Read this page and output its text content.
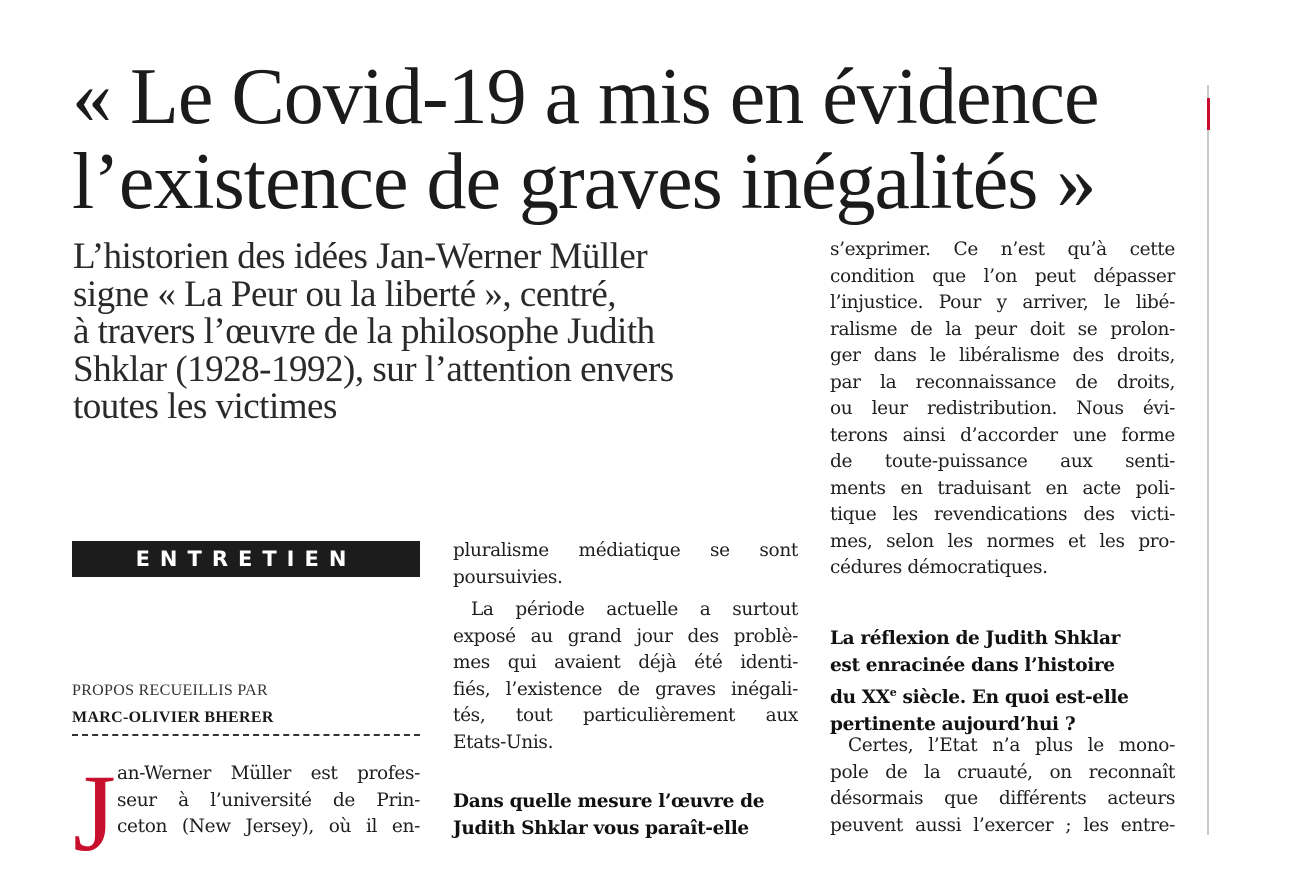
« Le Covid-19 a mis en évidence
l’existence de graves inégalités »
L’historien des idées Jan-Werner Müller
signe « La Peur ou la liberté », centré,
à travers l’œuvre de la philosophe Judith
Shklar (1928-1992), sur l’attention envers
toutes les victimes
ENTRETIEN
PROPOS RECUEILLIS PAR
MARC-OLIVIER BHERER
J an-Werner Müller est profes-
seur à l’université de Prin-
ceton (New Jersey), où il en-
pluralisme médiatique se sont
poursuivies.
La période actuelle a surtout
exposé au grand jour des problè-
mes qui avaient déjà été identi-
fiés, l’existence de graves inégali-
tés, tout particulièrement aux
Etats-Unis.
Dans quelle mesure l’œuvre de
Judith Shklar vous paraît-elle
s’exprimer. Ce n’est qu’à cette
condition que l’on peut dépasser
l’injustice. Pour y arriver, le libé-
ralisme de la peur doit se prolon-
ger dans le libéralisme des droits,
par la reconnaissance de droits,
ou leur redistribution. Nous évi-
terons ainsi d’accorder une forme
de toute-puissance aux senti-
ments en traduisant en acte poli-
tique les revendications des victi-
mes, selon les normes et les pro-
cédures démocratiques.
La réflexion de Judith Shklar
est enracinée dans l’histoire
du XXe siècle. En quoi est-elle
pertinente aujourd’hui ?
Certes, l’Etat n’a plus le mono-
pole de la cruauté, on reconnaît
désormais que différents acteurs
peuvent aussi l’exercer ; les entre-
